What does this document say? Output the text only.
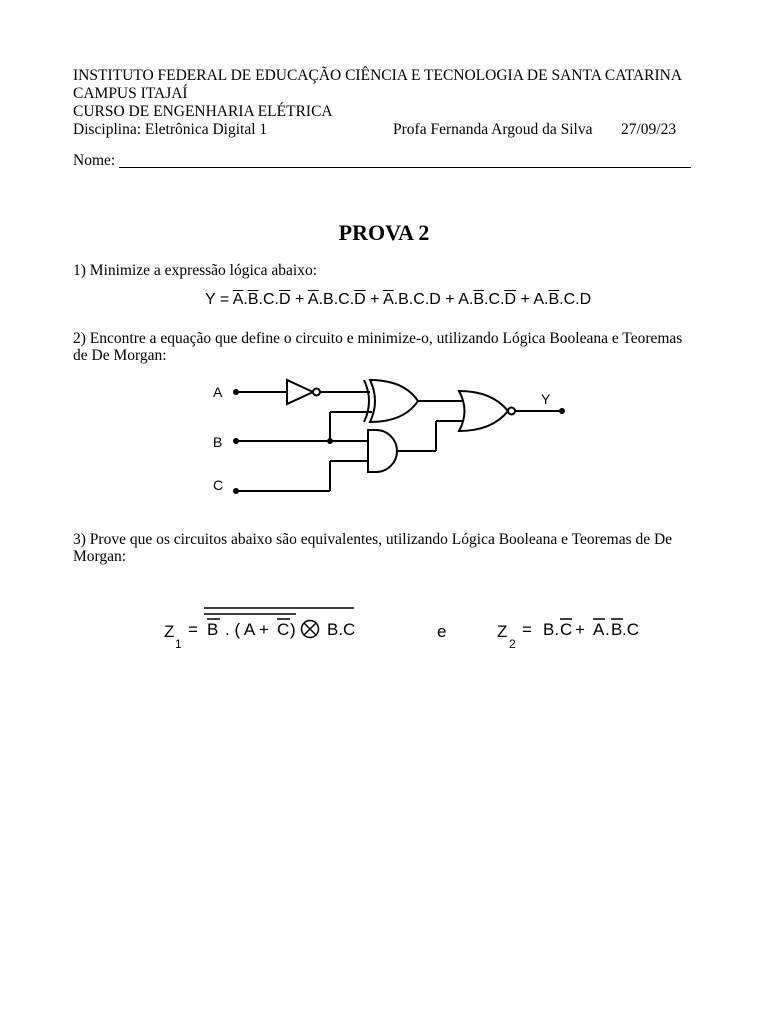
INSTITUTO FEDERAL DE EDUCAÇÃO CIÊNCIA E TECNOLOGIA DE SANTA CATARINA
CAMPUS ITAJAÍ
CURSO DE ENGENHARIA ELÉTRICA
Disciplina: Eletrônica Digital 1	Profa Fernanda Argoud da Silva 27/09/23
Nome:
PROVA 2
1) Minimize a expressão lógica abaixo:
$Y = \overline{A}.\overline{B}.C.\overline{D} + \overline{A}.B.C.\overline{D} + \overline{A}.B.C.D + A.\overline{B}.C.\overline{D} + A.\overline{B}.C.D$
2) Encontre a equação que define o circuito e minimize-o, utilizando Lógica Booleana e Teoremas de De Morgan:
A
B
C
Y
3) Prove que os circuitos abaixo são equivalentes, utilizando Lógica Booleana e Teoremas de De Morgan:
Z
1
= B . ( A + C ) B.C	e	Z
2
= B. C + A . B .C
